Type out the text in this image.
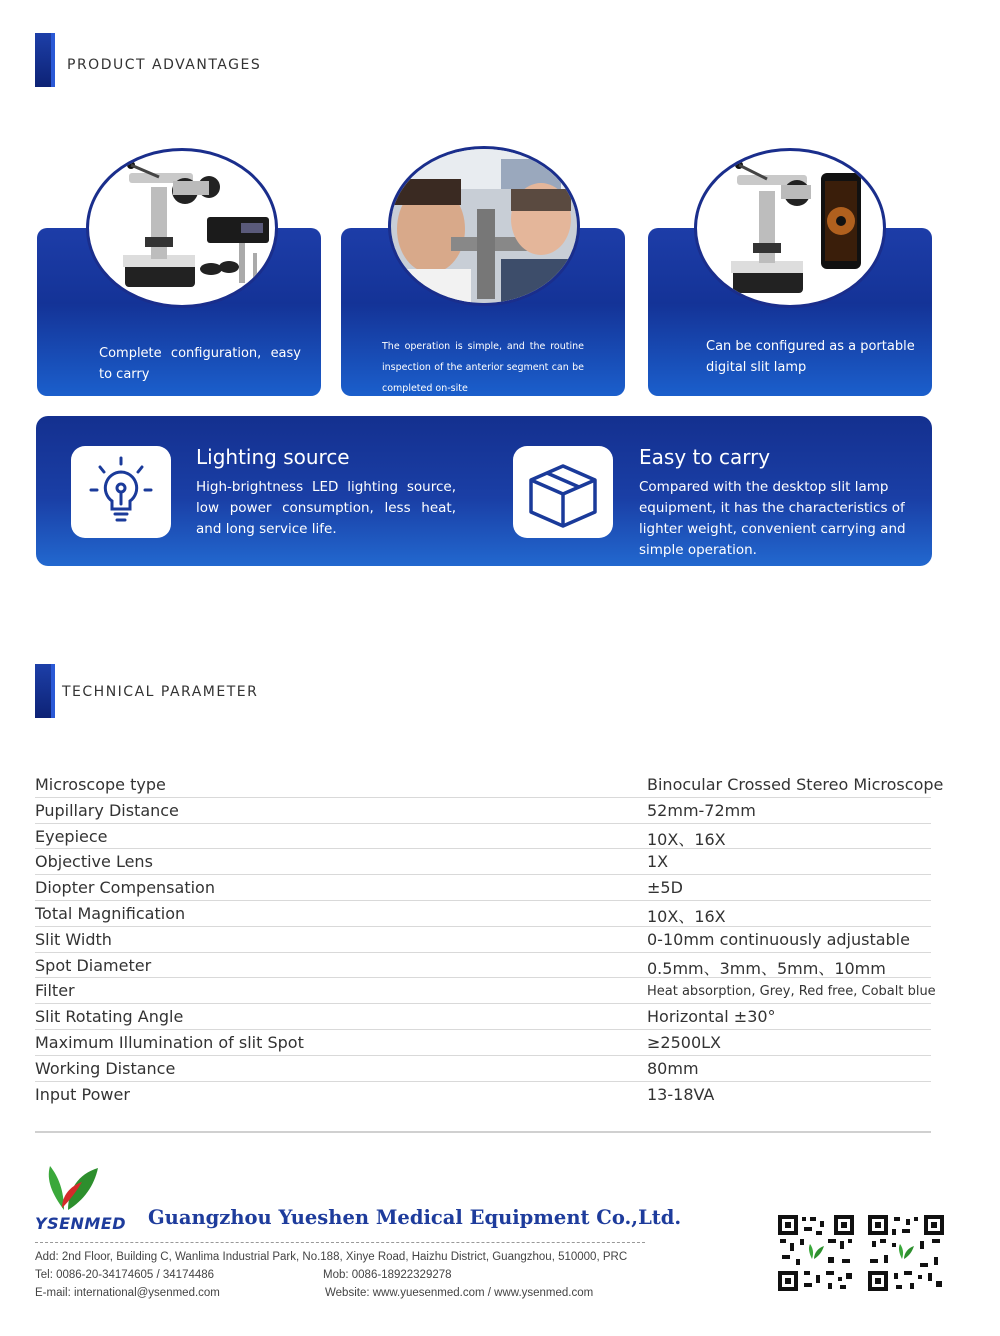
PRODUCT ADVANTAGES
Complete configuration, easy to carry
The operation is simple, and the routine inspection of the anterior segment can be completed on-site
Can be configured as a portable digital slit lamp
Lighting source
High-brightness LED lighting source, low power consumption, less heat, and long service life.
Easy to carry
Compared with the desktop slit lamp equipment, it has the characteristics of lighter weight, convenient carrying and simple operation.
TECHNICAL PARAMETER
Microscope type	Binocular Crossed Stereo Microscope
Pupillary Distance	52mm-72mm
Eyepiece	10X、16X
Objective Lens	1X
Diopter Compensation	±5D
Total Magnification	10X、16X
Slit Width	0-10mm continuously adjustable
Spot Diameter	0.5mm、3mm、5mm、10mm
Filter	Heat absorption, Grey, Red free, Cobalt blue
Slit Rotating Angle	Horizontal ±30°
Maximum Illumination of slit Spot	≥2500LX
Working Distance	80mm
Input Power	13-18VA
YSENMED Guangzhou Yueshen Medical Equipment Co.,Ltd.
Add: 2nd Floor, Building C, Wanlima Industrial Park, No.188, Xinye Road, Haizhu District, Guangzhou, 510000, PRC
Tel: 0086-20-34174605 / 34174486	Mob: 0086-18922329278
E-mail: international@ysenmed.com	Website: www.yuesenmed.com / www.ysenmed.com
